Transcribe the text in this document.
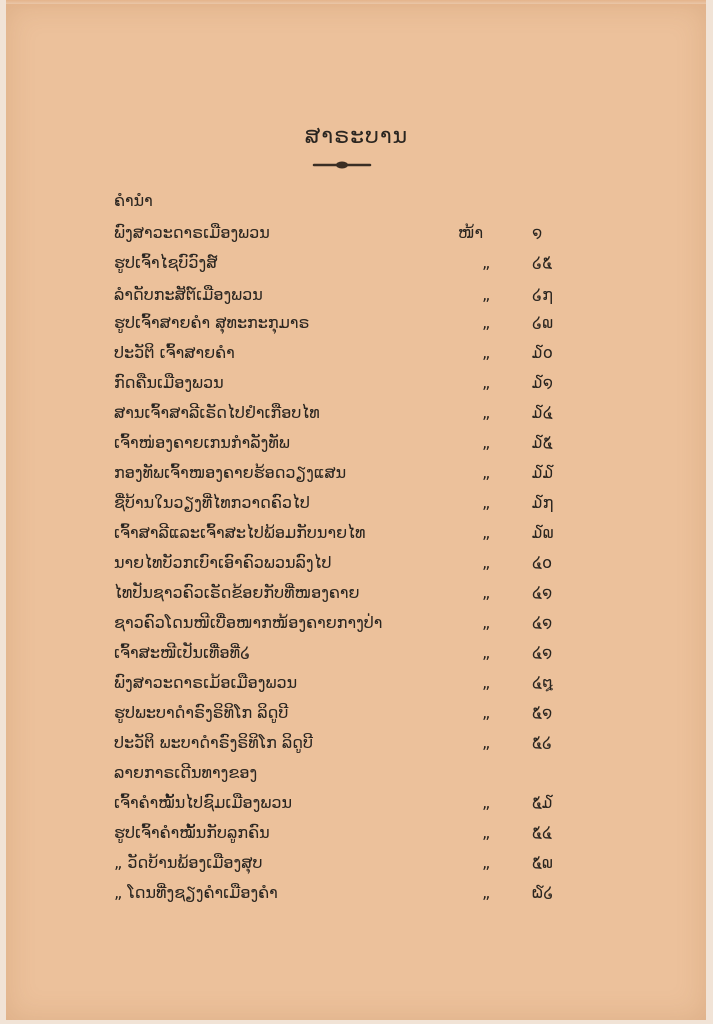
ສາຣະບານ
ຄຳນຳ
ພົງສາວະດາຣເມືອງພວນ	ໜ້າ	໑
ຮູປເຈົ້າໄຊບົວົງສ໌	„	໒໕
ລຳດັບກະສັຕ໌ເມືອງພວນ	„	໒໗
ຮູປເຈົ້າສາຍຄຳ ສຸທະກະກຸມາຣ	„	໒໙
ປະວັຕິ ເຈົ້າສາຍຄຳ	„	໓໐
ກົດຄືນເມືອງພວນ	„	໓໑
ສານເຈົ້າສາລີເຣັດໄປຢຳເກືອບໄທ	„	໓໔
ເຈົ້າໜ່ອງຄາຍເກນກຳລັງທັພ	„	໓໕
ກອງທັພເຈົ້າໜອງຄາຍຮ້ອດວຽງແສນ	„	໓໓
ຊື່ບ້ານໃນວຽງທີ່ໄທກວາດຄົວໄປ	„	໓໗
ເຈົ້າສາລີແລະເຈົ້າສະໄປພ້ອມກັບນາຍໄທ	„	໓໙
ນາຍໄທບັວກເບົາເອົາຄົວພວນລົງໄປ	„	໔໐
ໄທປັນຊາວຄົວເຣັດຂ້ອຍກັບທີ່ໜອງຄາຍ	„	໔໑
ຊາວຄົວໂດນໜີເບື່ອໜາກໜ້ອງຄາຍກາງປ່າ	„	໔໑
ເຈົ້າສະໜີເປັນເທື່ອທີ່໒	„	໔໑
ພົງສາວະດາຣເມ້ອເມືອງພວນ	„	໔໘
ຮູປພະບາດຳຣົງຣິທິໂກ ລິດູບີ	„	໕໑
ປະວັຕິ ພະບາດຳຣົງຣິທິໂກ ລິດູບີ	„	໕໒
ລາຍກາຣເດີນທາງຂອງ
ເຈົ້າຄຳໝັ້ນໄປຊົມເມືອງພວນ	„	໕໓
ຮູປເຈົ້າຄຳໝັ້ນກັບລູກຄົນ	„	໕໔
„ ວັດບ້ານພ້ອງເມືອງສຸບ	„	໕໙
„ ໂດນທີ່ງຊຽງຄຳເມືອງຄຳ	„	໖໒
